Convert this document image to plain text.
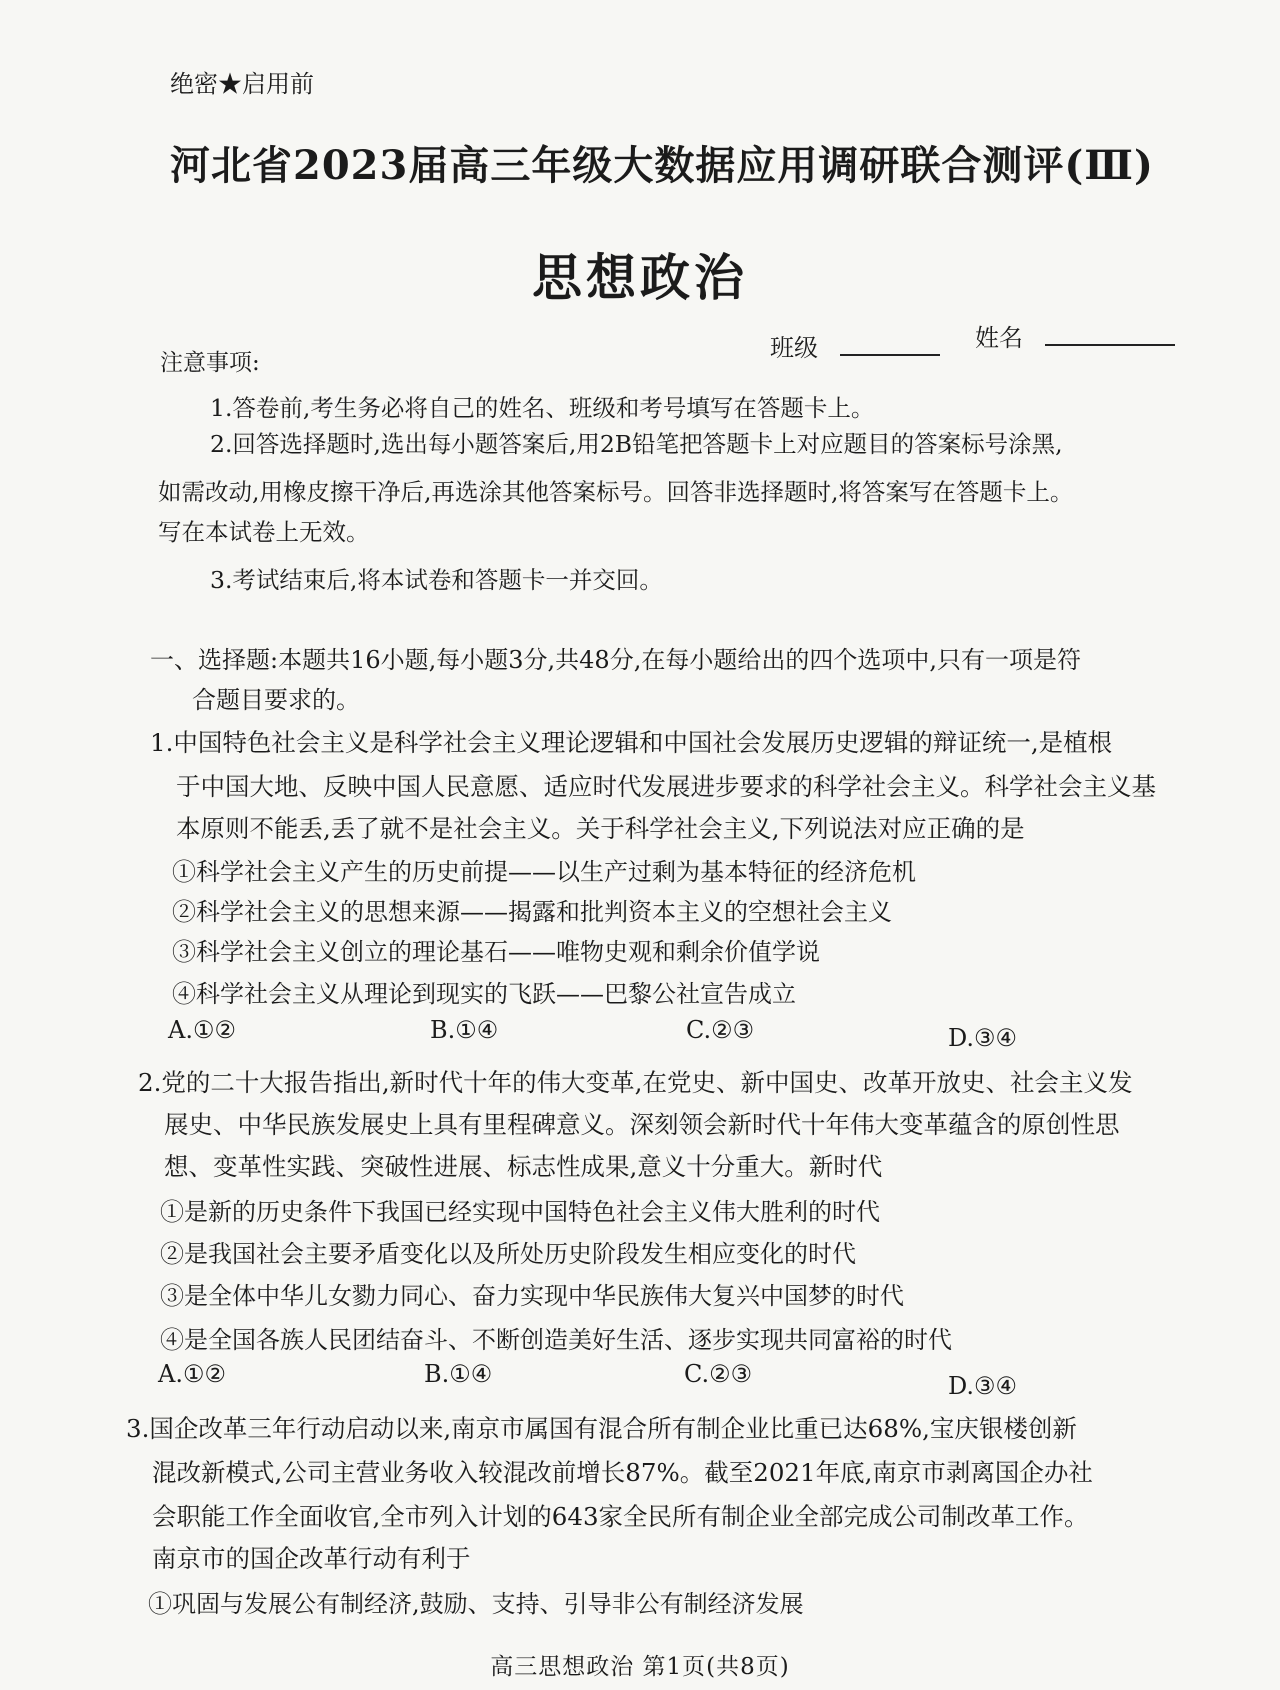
绝密★启用前
河北省2023届高三年级大数据应用调研联合测评(Ⅲ)
思想政治
班级	姓名
注意事项:
1.答卷前,考生务必将自己的姓名、班级和考号填写在答题卡上。
2.回答选择题时,选出每小题答案后,用2B铅笔把答题卡上对应题目的答案标号涂黑,
如需改动,用橡皮擦干净后,再选涂其他答案标号。回答非选择题时,将答案写在答题卡上。
写在本试卷上无效。
3.考试结束后,将本试卷和答题卡一并交回。
一、选择题:本题共16小题,每小题3分,共48分,在每小题给出的四个选项中,只有一项是符
合题目要求的。
1.中国特色社会主义是科学社会主义理论逻辑和中国社会发展历史逻辑的辩证统一,是植根
于中国大地、反映中国人民意愿、适应时代发展进步要求的科学社会主义。科学社会主义基
本原则不能丢,丢了就不是社会主义。关于科学社会主义,下列说法对应正确的是
①科学社会主义产生的历史前提——以生产过剩为基本特征的经济危机
②科学社会主义的思想来源——揭露和批判资本主义的空想社会主义
③科学社会主义创立的理论基石——唯物史观和剩余价值学说
④科学社会主义从理论到现实的飞跃——巴黎公社宣告成立
A.①②	B.①④	C.②③	D.③④
2.党的二十大报告指出,新时代十年的伟大变革,在党史、新中国史、改革开放史、社会主义发
展史、中华民族发展史上具有里程碑意义。深刻领会新时代十年伟大变革蕴含的原创性思
想、变革性实践、突破性进展、标志性成果,意义十分重大。新时代
①是新的历史条件下我国已经实现中国特色社会主义伟大胜利的时代
②是我国社会主要矛盾变化以及所处历史阶段发生相应变化的时代
③是全体中华儿女勠力同心、奋力实现中华民族伟大复兴中国梦的时代
④是全国各族人民团结奋斗、不断创造美好生活、逐步实现共同富裕的时代
A.①②	B.①④	C.②③	D.③④
3.国企改革三年行动启动以来,南京市属国有混合所有制企业比重已达68%,宝庆银楼创新
混改新模式,公司主营业务收入较混改前增长87%。截至2021年底,南京市剥离国企办社
会职能工作全面收官,全市列入计划的643家全民所有制企业全部完成公司制改革工作。
南京市的国企改革行动有利于
①巩固与发展公有制经济,鼓励、支持、引导非公有制经济发展
高三思想政治 第1页(共8页)
